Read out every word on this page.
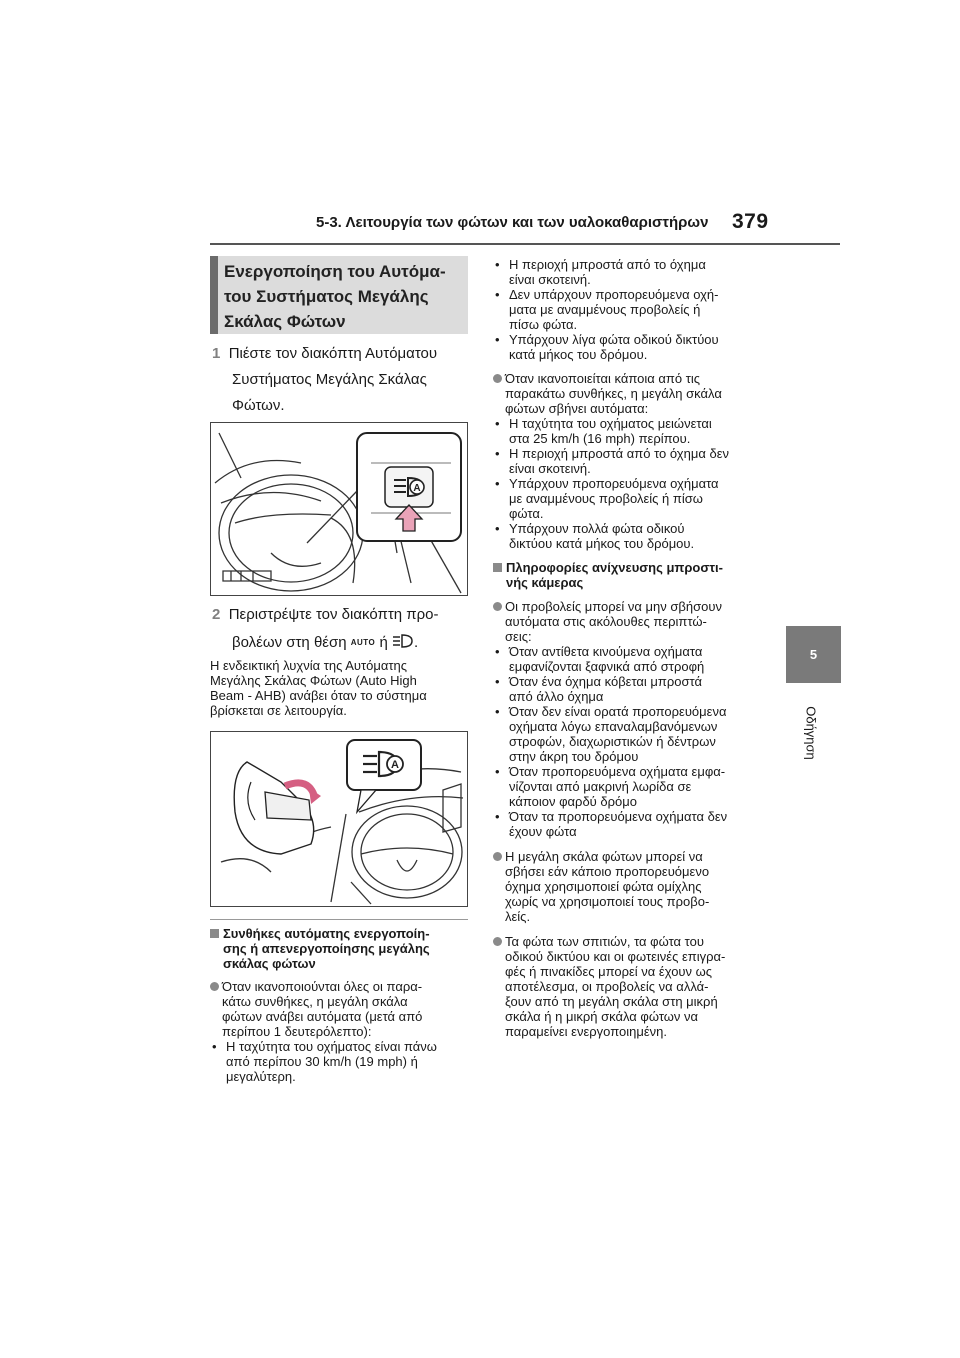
5-3. Λειτουργία των φώτων και των υαλοκαθαριστήρων 379
5
Οδήγηση
Ενεργοποίηση του Αυτόμα-
του Συστήματος Μεγάλης
Σκάλας Φώτων
1 Πιέστε τον διακόπτη Αυτόματου
Συστήματος Μεγάλης Σκάλας
Φώτων.
A
2 Περιστρέψτε τον διακόπτη προ-
βολέων στη θέση AUTO ή .
Η ενδεικτική λυχνία της Αυτόματης
Μεγάλης Σκάλας Φώτων (Auto High
Beam - AHB) ανάβει όταν το σύστημα
βρίσκεται σε λειτουργία.
A
Συνθήκες αυτόματης ενεργοποίη-
σης ή απενεργοποίησης μεγάλης
σκάλας φώτων
Όταν ικανοποιούνται όλες οι παρα-
κάτω συνθήκες, η μεγάλη σκάλα
φώτων ανάβει αυτόματα (μετά από
περίπου 1 δευτερόλεπτο):
• Η ταχύτητα του οχήματος είναι πάνω
από περίπου 30 km/h (19 mph) ή
μεγαλύτερη.
• Η περιοχή μπροστά από το όχημα
είναι σκοτεινή.
• Δεν υπάρχουν προπορευόμενα οχή-
ματα με αναμμένους προβολείς ή
πίσω φώτα.
• Υπάρχουν λίγα φώτα οδικού δικτύου
κατά μήκος του δρόμου.
Όταν ικανοποιείται κάποια από τις
παρακάτω συνθήκες, η μεγάλη σκάλα
φώτων σβήνει αυτόματα:
• Η ταχύτητα του οχήματος μειώνεται
στα 25 km/h (16 mph) περίπου.
• Η περιοχή μπροστά από το όχημα δεν
είναι σκοτεινή.
• Υπάρχουν προπορευόμενα οχήματα
με αναμμένους προβολείς ή πίσω
φώτα.
• Υπάρχουν πολλά φώτα οδικού
δικτύου κατά μήκος του δρόμου.
Πληροφορίες ανίχνευσης μπροστι-
νής κάμερας
Οι προβολείς μπορεί να μην σβήσουν
αυτόματα στις ακόλουθες περιπτώ-
σεις:
• Όταν αντίθετα κινούμενα οχήματα
εμφανίζονται ξαφνικά από στροφή
• Όταν ένα όχημα κόβεται μπροστά
από άλλο όχημα
• Όταν δεν είναι ορατά προπορευόμενα
οχήματα λόγω επαναλαμβανόμενων
στροφών, διαχωριστικών ή δέντρων
στην άκρη του δρόμου
• Όταν προπορευόμενα οχήματα εμφα-
νίζονται από μακρινή λωρίδα σε
κάποιον φαρδύ δρόμο
• Όταν τα προπορευόμενα οχήματα δεν
έχουν φώτα
Η μεγάλη σκάλα φώτων μπορεί να
σβήσει εάν κάποιο προπορευόμενο
όχημα χρησιμοποιεί φώτα ομίχλης
χωρίς να χρησιμοποιεί τους προβο-
λείς.
Τα φώτα των σπιτιών, τα φώτα του
οδικού δικτύου και οι φωτεινές επιγρα-
φές ή πινακίδες μπορεί να έχουν ως
αποτέλεσμα, οι προβολείς να αλλά-
ξουν από τη μεγάλη σκάλα στη μικρή
σκάλα ή η μικρή σκάλα φώτων να
παραμείνει ενεργοποιημένη.
